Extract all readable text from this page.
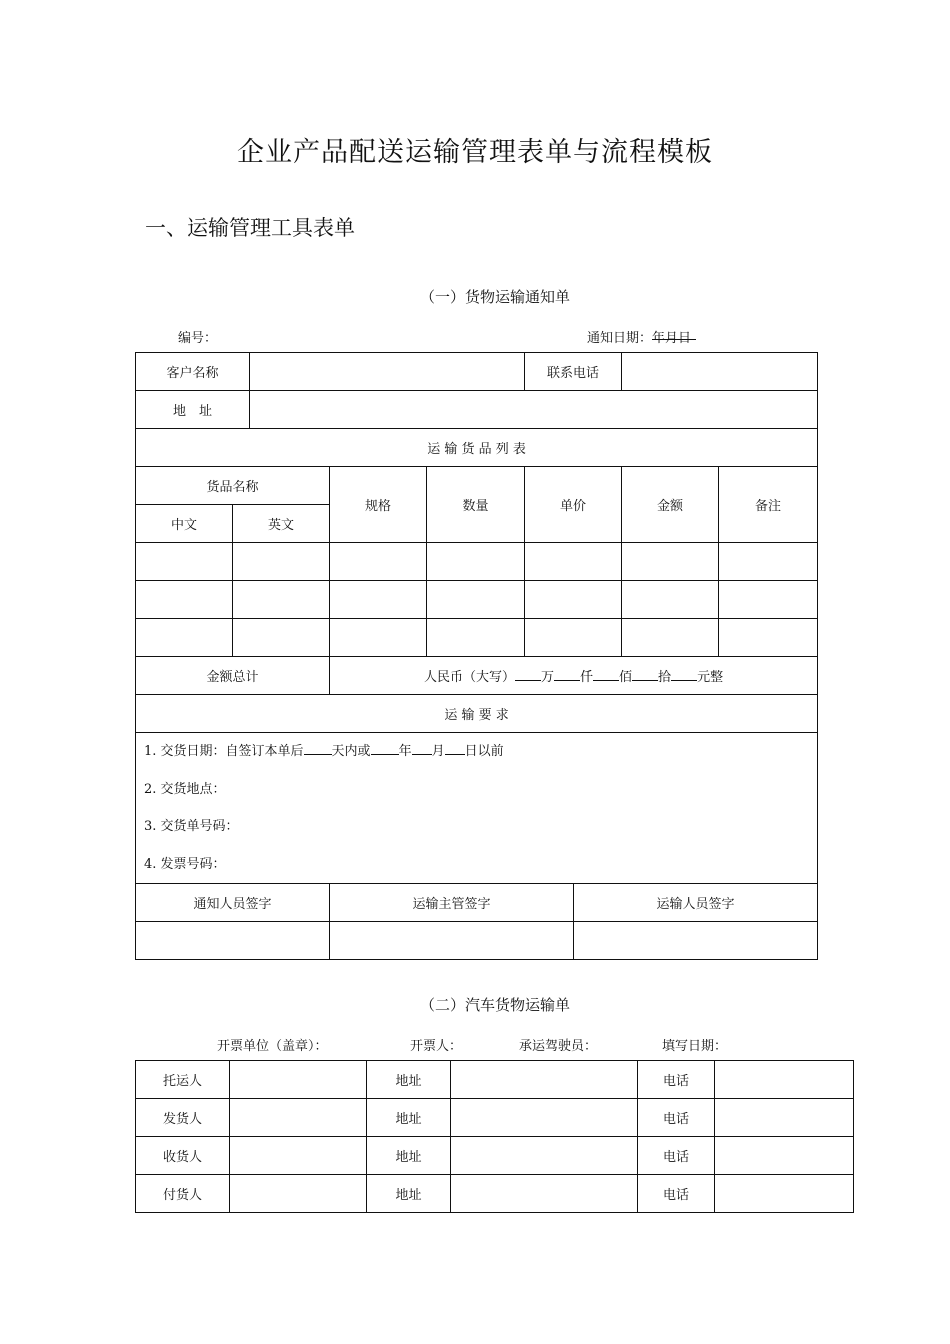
企业产品配送运输管理表单与流程模板
一、运输管理工具表单
（一）货物运输通知单
编号：	通知日期：
年
月
日
客户名称					联系电话			
地　址								
运 输 货 品 列 表								
货品名称			规格	数量	单价		金额	备注
中文	英文							

金额总计			人民币（大写） 万 仟 佰 拾 元整					
运 输 要 求								

1. 交货日期：自签订本单后 天内或 年 月 日以前
2. 交货地点：
3. 交货单号码：
4. 发票号码：								

通知人员签字			运输主管签字			运输人员签字		

（二）汽车货物运输单
开票单位（盖章）：	开票人：	承运驾驶员：	填写日期：
托运人		地址		电话	
发货人		地址		电话	
收货人		地址		电话	
付货人		地址		电话	
